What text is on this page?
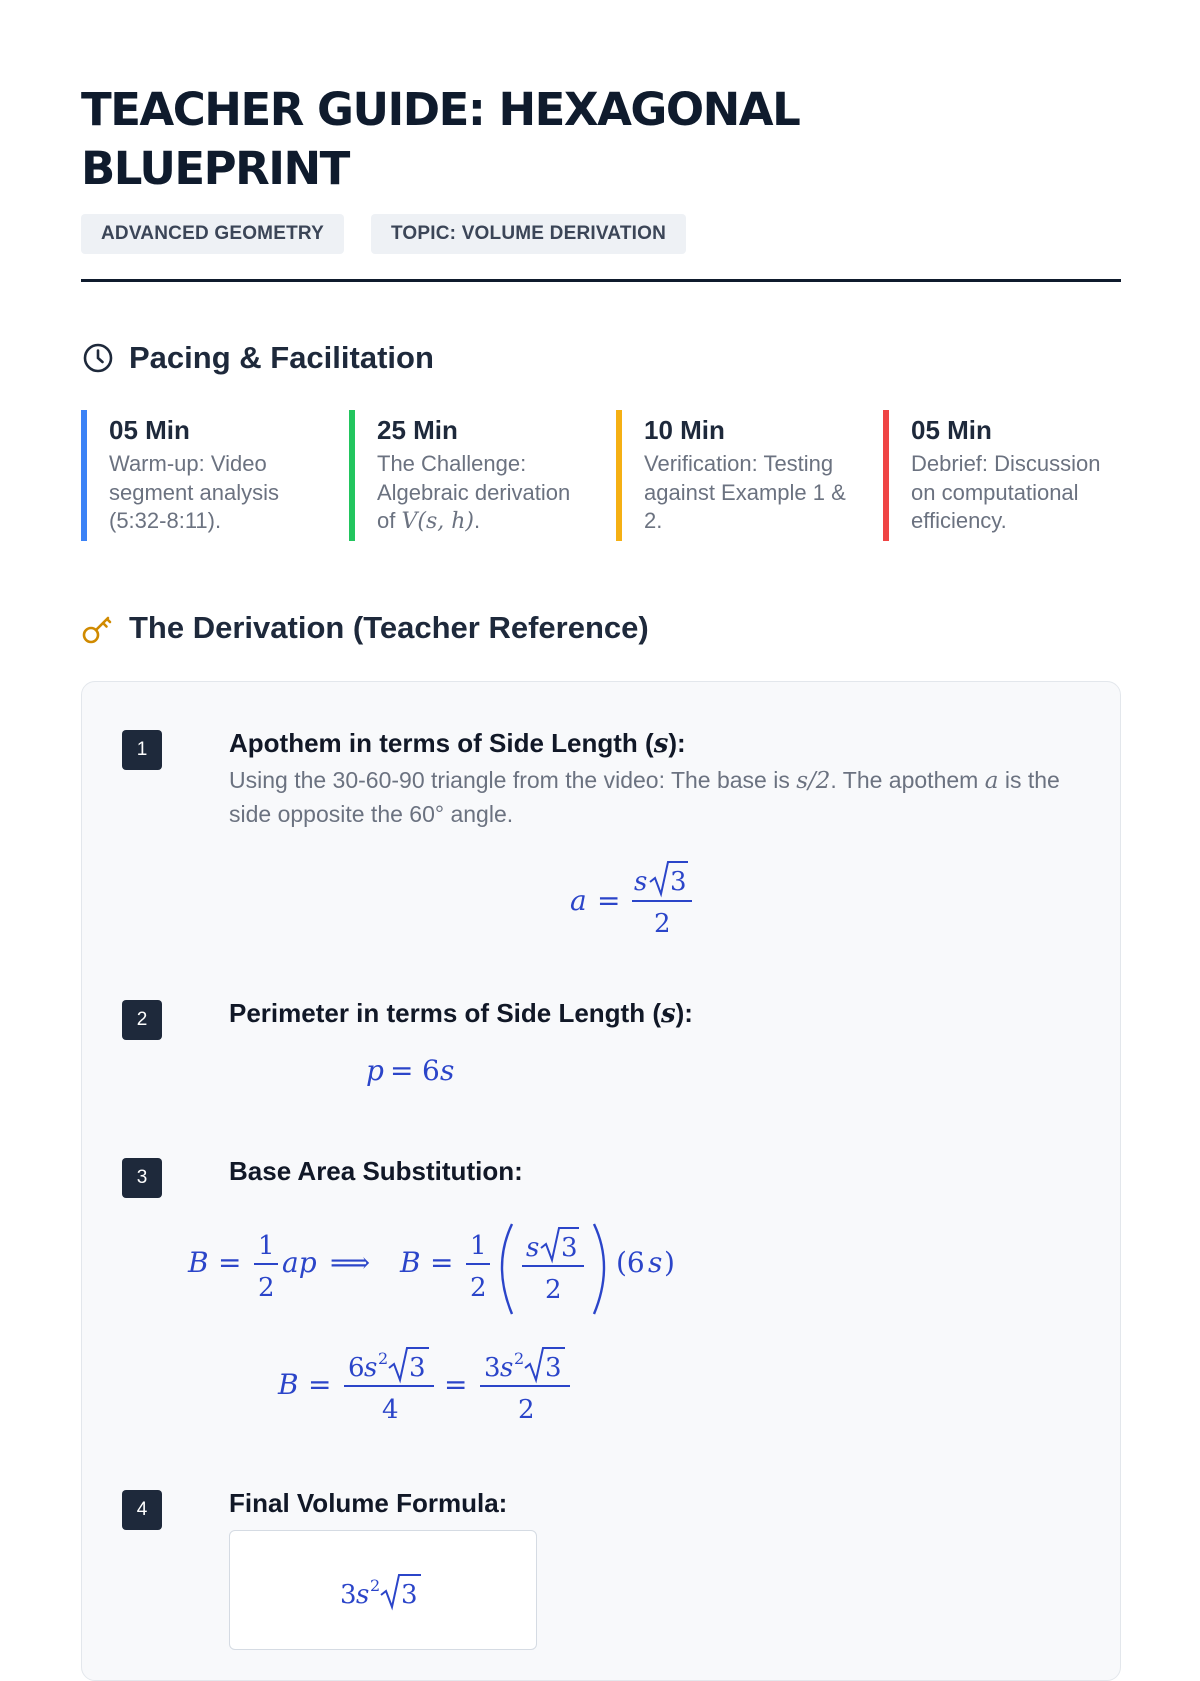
TEACHER GUIDE: HEXAGONAL BLUEPRINT
ADVANCED GEOMETRY	TOPIC: VOLUME DERIVATION
Pacing & Facilitation
05 Min
Warm-up: Video segment analysis (5:32-8:11).
25 Min
The Challenge: Algebraic derivation of V(s, h).
10 Min
Verification: Testing against Example 1 & 2.
05 Min
Debrief: Discussion on computational efficiency.
The Derivation (Teacher Reference)
1	Apothem in terms of Side Length (s):
Using the 30-60-90 triangle from the video: The base is s/2. The apothem a is the side opposite the 60° angle.
a =
s 3
2
2	Perimeter in terms of Side Length (s):
p = 6 s
3	Base Area Substitution:
B = 1
2
ap ⟹ B = 1
2
s 3
2
(6 s )
B = 6 s 2 3
4
= 3 s 2 3
2
4	Final Volume Formula:
3 s 2 3
